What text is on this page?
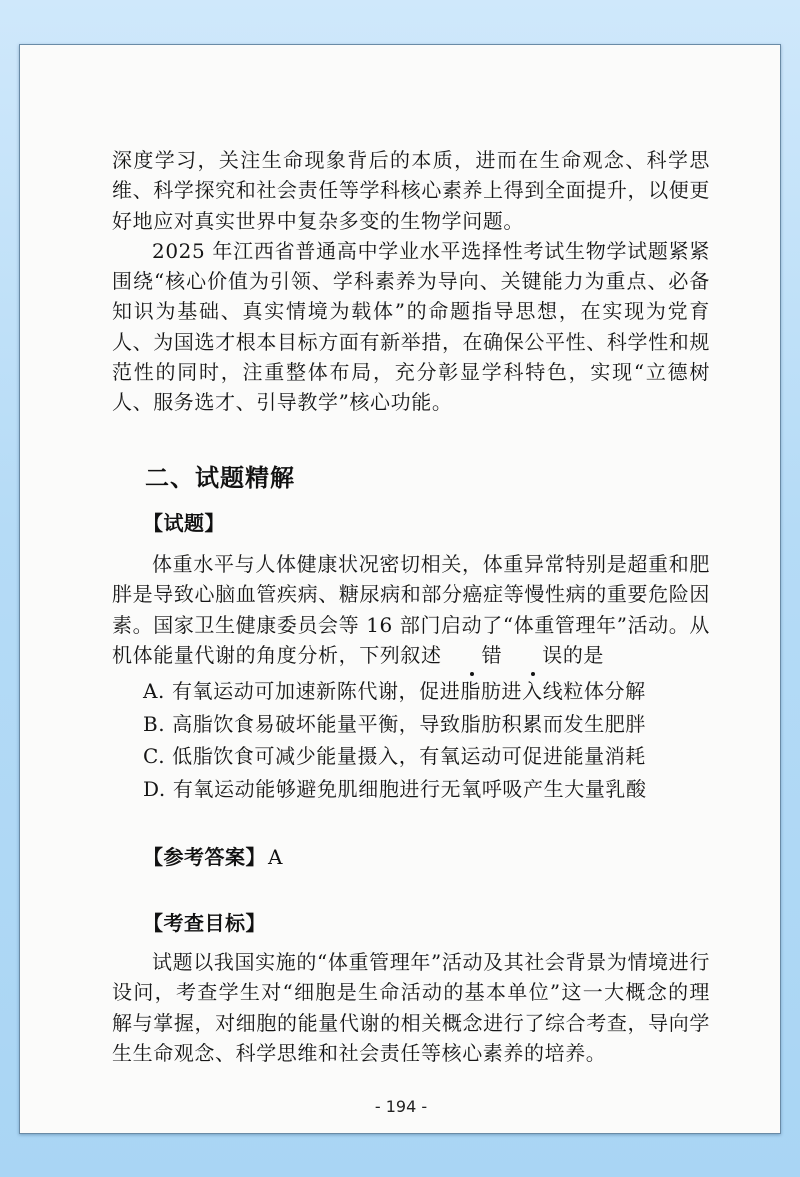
深度学习，关注生命现象背后的本质，进而在生命观念、科学思维、科学探究和社会责任等学科核心素养上得到全面提升，以便更好地应对真实世界中复杂多变的生物学问题。

2025 年江西省普通高中学业水平选择性考试生物学试题紧紧围绕“核心价值为引领、学科素养为导向、关键能力为重点、必备知识为基础、真实情境为载体”的命题指导思想，在实现为党育人、为国选才根本目标方面有新举措，在确保公平性、科学性和规范性的同时，注重整体布局，充分彰显学科特色，实现“立德树人、服务选才、引导教学”核心功能。

二、试题精解
【试题】

体重水平与人体健康状况密切相关，体重异常特别是超重和肥胖是导致心脑血管疾病、糖尿病和部分癌症等慢性病的重要危险因素。国家卫生健康委员会等 16 部门启动了“体重管理年”活动。从机体能量代谢的角度分析，下列叙述 错 误的是

A. 有氧运动可加速新陈代谢，促进脂肪进入线粒体分解
B. 高脂饮食易破坏能量平衡，导致脂肪积累而发生肥胖
C. 低脂饮食可减少能量摄入，有氧运动可促进能量消耗
D. 有氧运动能够避免肌细胞进行无氧呼吸产生大量乳酸
【参考答案】 A
【考查目标】

试题以我国实施的“体重管理年”活动及其社会背景为情境进行设问，考查学生对“细胞是生命活动的基本单位”这一大概念的理解与掌握，对细胞的能量代谢的相关概念进行了综合考查，导向学生生命观念、科学思维和社会责任等核心素养的培养。

- 194 -
